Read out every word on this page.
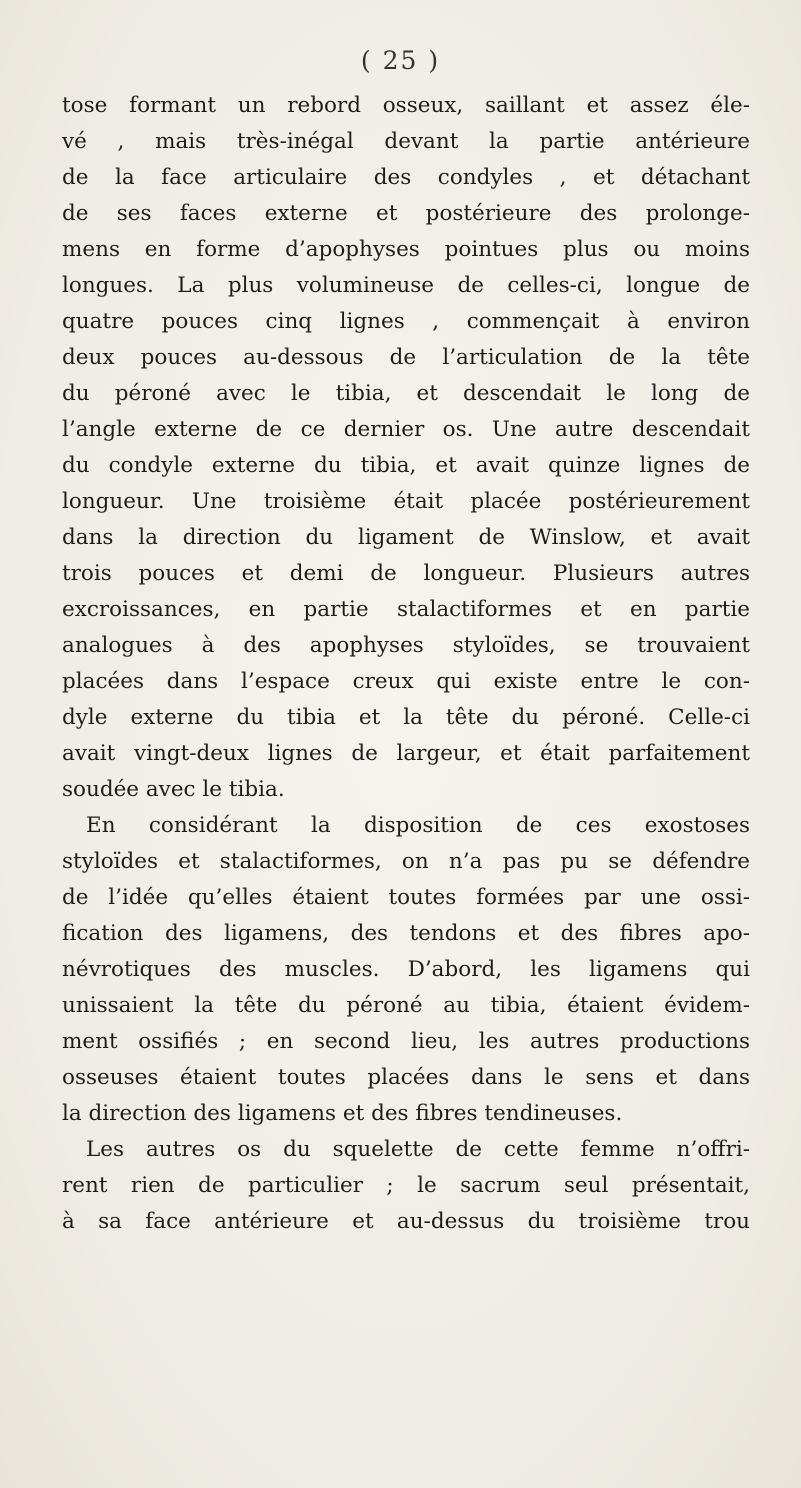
( 25 )
tose formant un rebord osseux, saillant et assez éle-
vé , mais très-inégal devant la partie antérieure
de la face articulaire des condyles , et détachant
de ses faces externe et postérieure des prolonge-
mens en forme d’apophyses pointues plus ou moins
longues. La plus volumineuse de celles-ci, longue de
quatre pouces cinq lignes , commençait à environ
deux pouces au-dessous de l’articulation de la tête
du péroné avec le tibia, et descendait le long de
l’angle externe de ce dernier os. Une autre descendait
du condyle externe du tibia, et avait quinze lignes de
longueur. Une troisième était placée postérieurement
dans la direction du ligament de Winslow, et avait
trois pouces et demi de longueur. Plusieurs autres
excroissances, en partie stalactiformes et en partie
analogues à des apophyses styloïdes, se trouvaient
placées dans l’espace creux qui existe entre le con-
dyle externe du tibia et la tête du péroné. Celle-ci
avait vingt-deux lignes de largeur, et était parfaitement
soudée avec le tibia.
En considérant la disposition de ces exostoses
styloïdes et stalactiformes, on n’a pas pu se défendre
de l’idée qu’elles étaient toutes formées par une ossi-
fication des ligamens, des tendons et des fibres apo-
névrotiques des muscles. D’abord, les ligamens qui
unissaient la tête du péroné au tibia, étaient évidem-
ment ossifiés ; en second lieu, les autres productions
osseuses étaient toutes placées dans le sens et dans
la direction des ligamens et des fibres tendineuses.
Les autres os du squelette de cette femme n’offri-
rent rien de particulier ; le sacrum seul présentait,
à sa face antérieure et au-dessus du troisième trou
